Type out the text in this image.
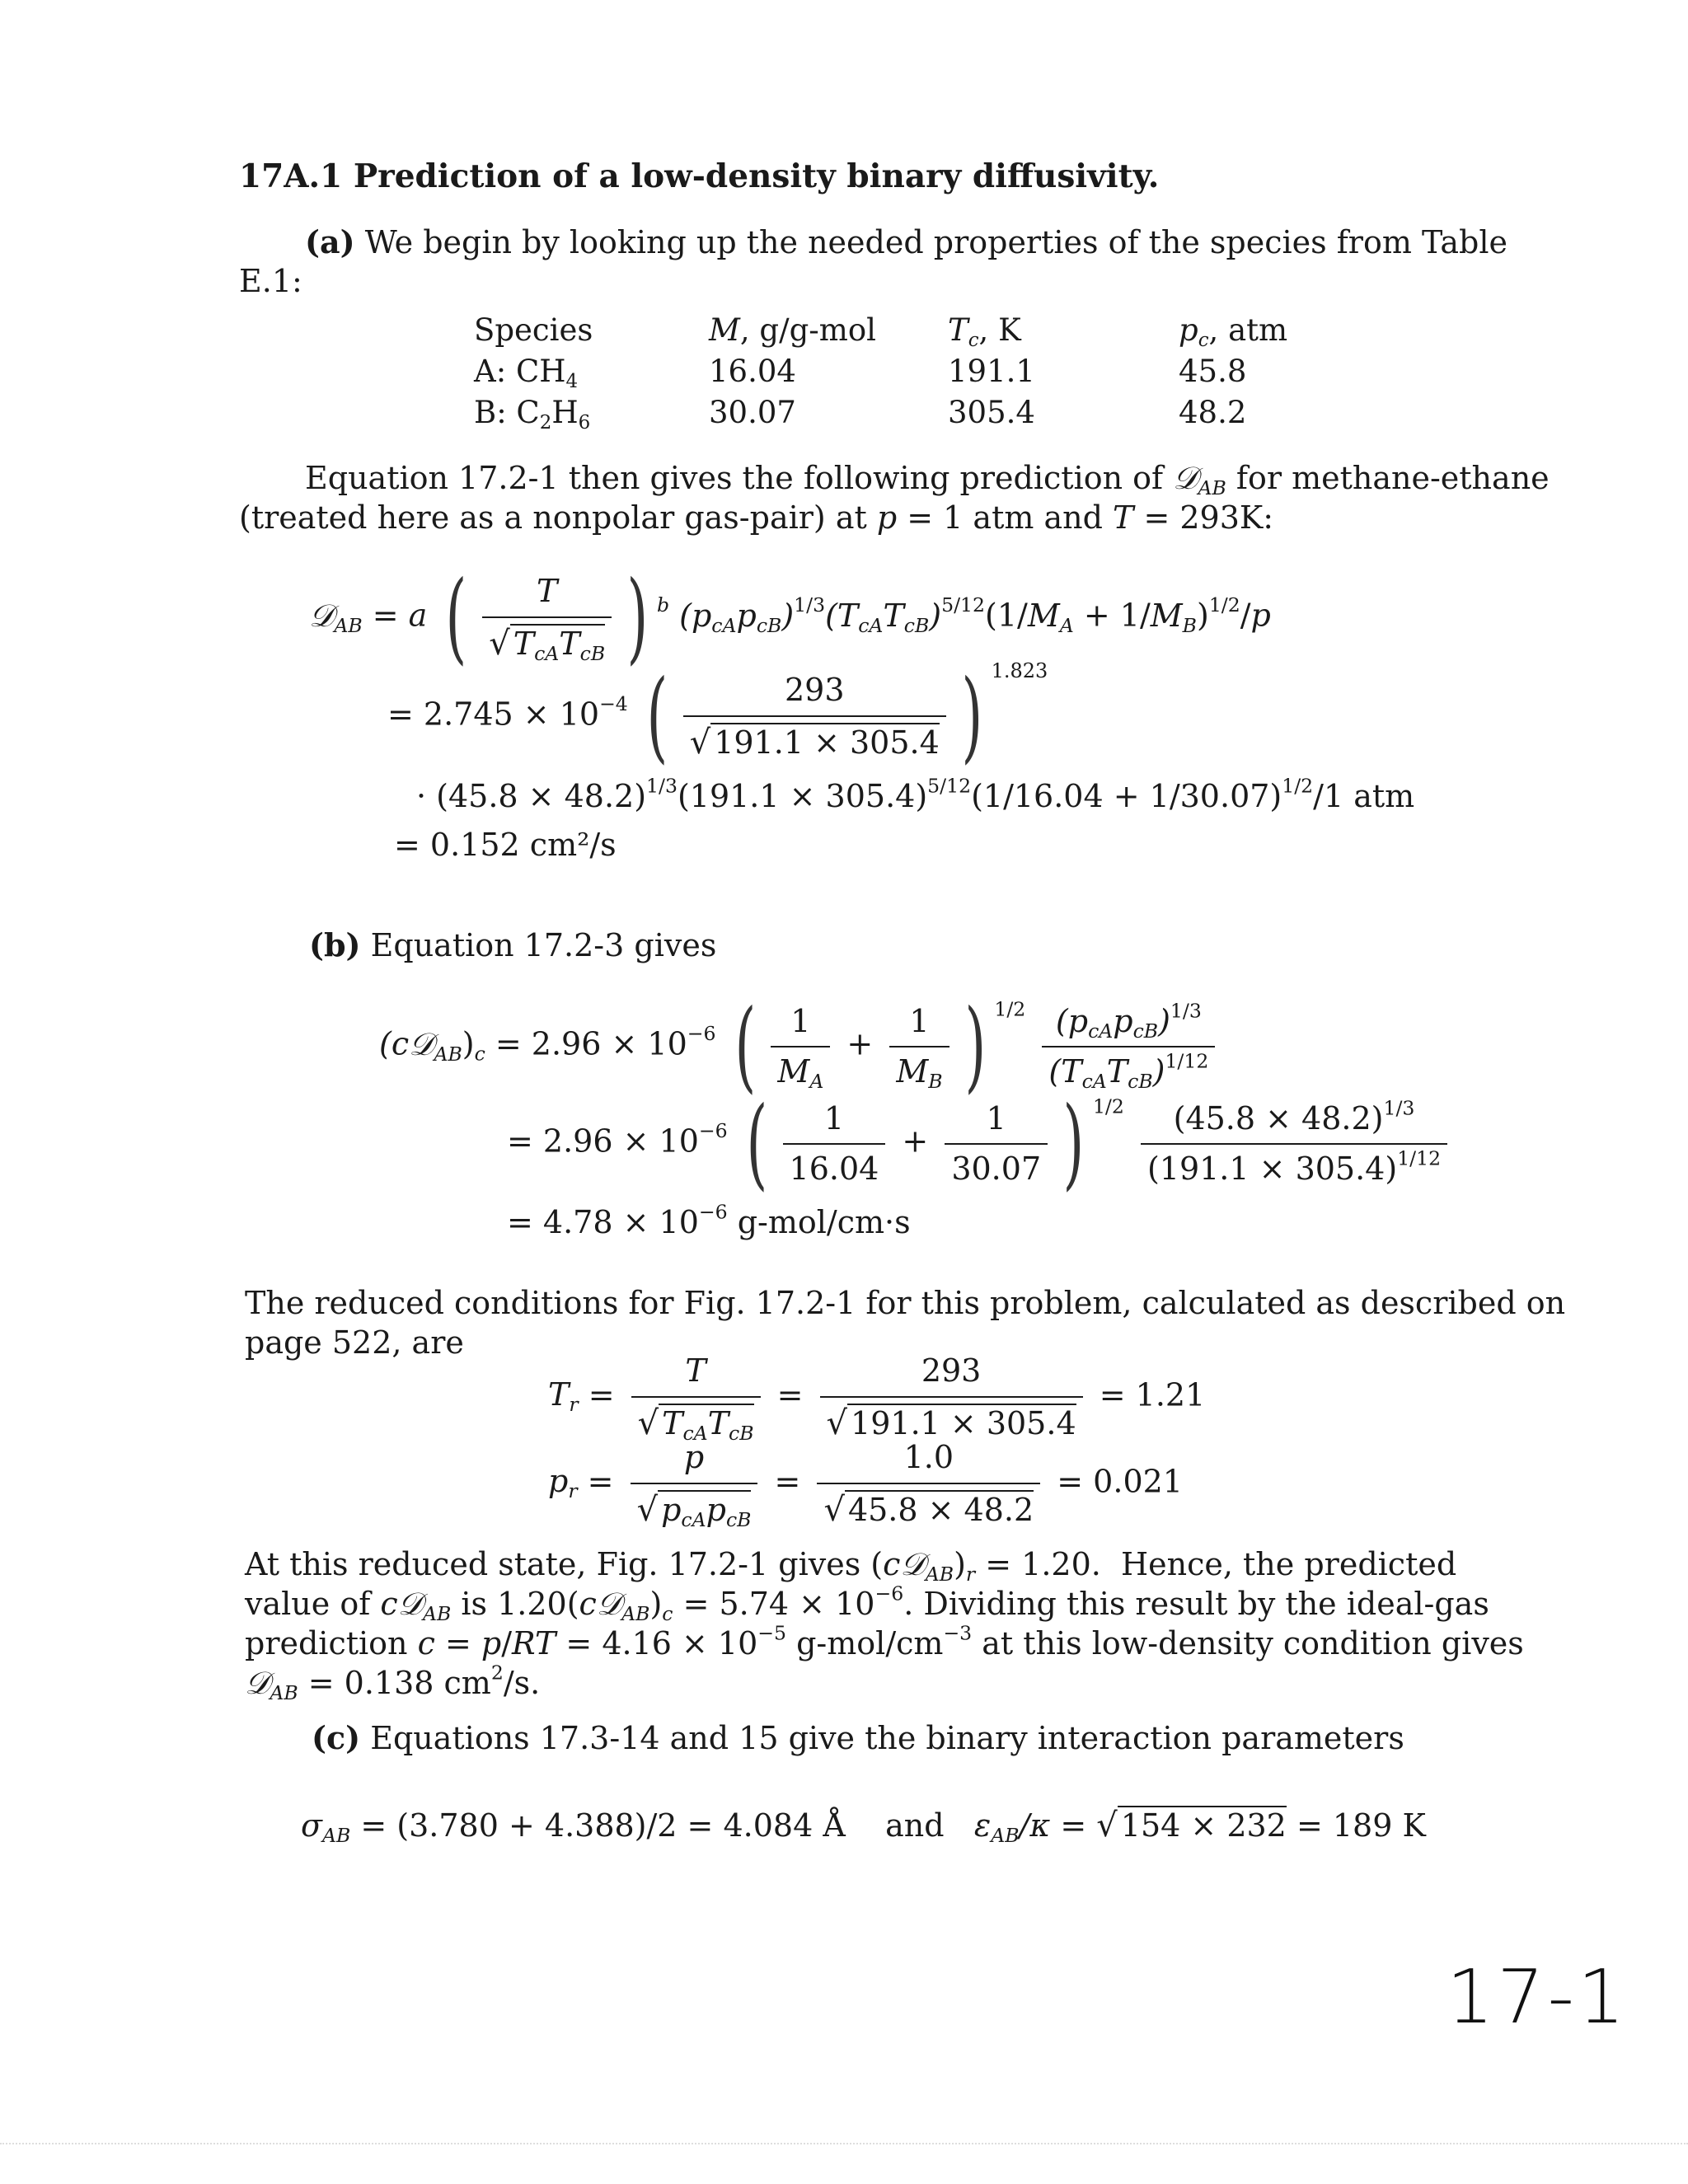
17A.1 Prediction of a low-density binary diffusivity.
(a) We begin by looking up the needed properties of the species from Table
E.1:
Species	M, g/g-mol	$T_c$, K	$p_c$, atm
A: $CH_4$	16.04	191.1	45.8
B: $C_2H_6$	30.07	305.4	48.2
Equation 17.2-1 then gives the following prediction of 𝒟$_{AB}$ for methane-ethane
(treated here as a nonpolar gas-pair) at p = 1 atm and T = 293K:
𝒟$_{AB}$ = a ( $\frac{T}{√ T_{cA}T_{cB}}$ ) $^b$ $(p_{cA}p_{cB})^{1/3}(T_{cA}T_{cB})^{5/12}(1/M_A + 1/M_B)^{1/2}/p$
= $2.745 \times 10^{-4}$ ( $\frac{293}{√ 191.1 \times 305.4}$ ) $^{1.823}$
· $(45.8 \times 48.2)^{1/3}(191.1 \times 305.4)^{5/12}(1/16.04 + 1/30.07)^{1/2}/1$ atm
= 0.152 cm²/s
(b) Equation 17.2-3 gives
$(c𝒟_{AB})_c = 2.96 \times 10^{-6}$ ( $\frac{1}{M_A} + \frac{1}{M_B}$ ) $^{1/2} \frac{(p_{cA}p_{cB})^{1/3}}{(T_{cA}T_{cB})^{1/12}}$
= $2.96 \times 10^{-6}$ ( $\frac{1}{16.04} + \frac{1}{30.07}$ ) $^{1/2} \frac{(45.8 \times 48.2)^{1/3}}{(191.1 \times 305.4)^{1/12}}$
= $4.78 \times 10^{-6}$ g-mol/cm·s
The reduced conditions for Fig. 17.2-1 for this problem, calculated as described on
page 522, are
$T_r = \frac{T}{√ T_{cA}T_{cB}} = \frac{293}{√ 191.1 \times 305.4} = 1.21$
$p_r = \frac{p}{√ p_{cA}p_{cB}} = \frac{1.0}{√ 45.8 \times 48.2} = 0.021$
At this reduced state, Fig. 17.2-1 gives $(c𝒟_{AB})_r = 1.20$.  Hence, the predicted
value of c𝒟$_{AB}$ is $1.20(c𝒟_{AB})_c = 5.74 \times 10^{-6}$. Dividing this result by the ideal-gas
prediction $c = p/RT = 4.16 \times 10^{-5}$ $g-mol/cm^{-3}$ at this low-density condition gives
𝒟$_{AB}$ = 0.138 $cm^2/s$.
(c) Equations 17.3-14 and 15 give the binary interaction parameters
$\sigma_{AB} = (3.780 + 4.388)/2 = 4.084$ Å and $\varepsilon_{AB}/\kappa$ = √ 154 × 232 = 189 K
17-1
